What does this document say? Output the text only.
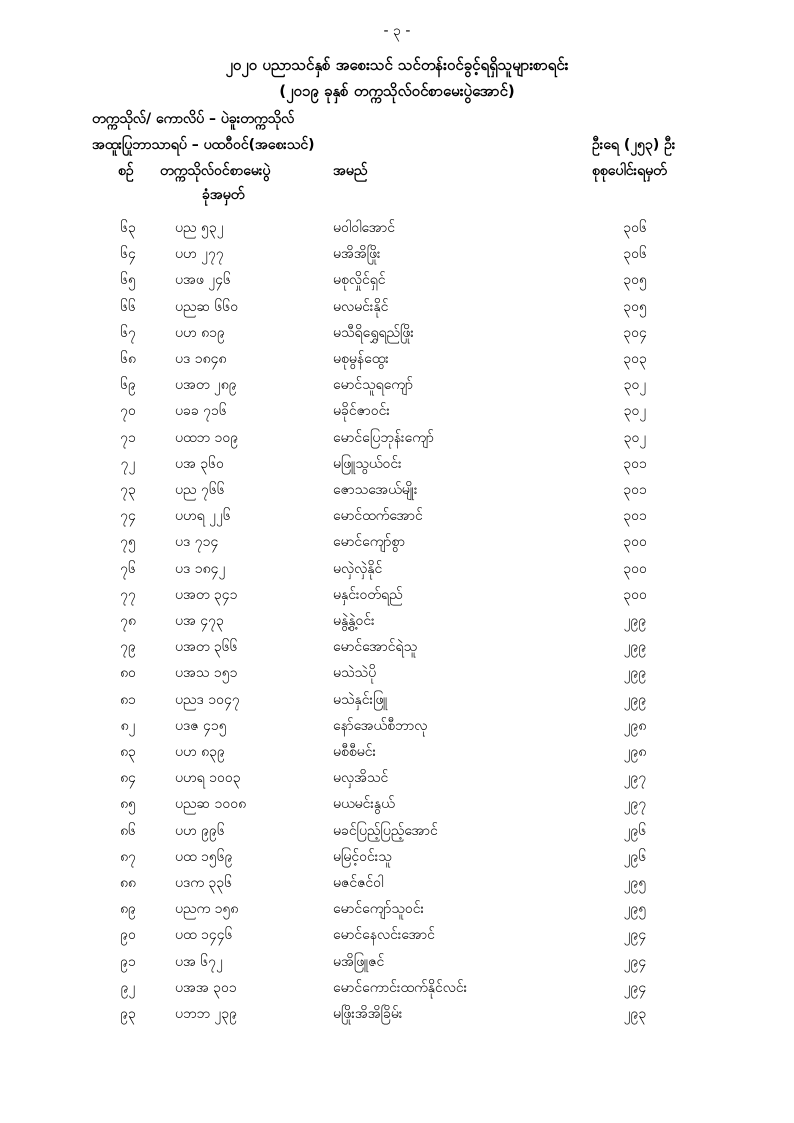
- ၃ -
၂၀၂၀ ပညာသင်နှစ် အစေးသင် သင်တန်းဝင်ခွင့်ရရှိသူများစာရင်း
(၂၀၁၉ ခုနှစ် တက္ကသိုလ်ဝင်စာမေးပွဲအောင်)
တက္ကသိုလ်/ ကောလိပ် – ပဲခူးတက္ကသိုလ်
အထူးပြုဘာသာရပ် – ပထဝီဝင်(အစေးသင်)	ဦးရေ (၂၅၃) ဦး
စဉ် တက္ကသိုလ်ဝင်စာမေးပွဲ
ခုံအမှတ်
အမည်	စုစုပေါင်းရမှတ်
၆၃	ပည ၅၃၂	မဝါဝါအောင်	၃၀၆
၆၄	ပဟ ၂၇၇	မအိအိဖြိုး	၃၀၆
၆၅	ပအဖ ၂၄၆	မစုလှိုင်ရှင်	၃၀၅
၆၆	ပညဆ ၆၆၀	မလမင်းနိုင်	၃၀၅
၆၇	ပဟ ၈၁၉	မသီရိရွှေရည်ဖြိုး	၃၀၄
၆၈	ပဒ ၁၈၄၈	မစုမွန်ထွေး	၃၀၃
၆၉	ပအတ ၂၈၉	မောင်သူရကျော်	၃၀၂
၇၀	ပခခ ၇၁၆	မခိုင်ဇာဝင်း	၃၀၂
၇၁	ပထဘ ၁၀၉	မောင်ပြေဘုန်းကျော်	၃၀၂
၇၂	ပအ ၃၆၀	မဖြူသွယ်ဝင်း	၃၀၁
၇၃	ပည ၇၆၆	ဇောသအေယ်မျိုး	၃၀၁
၇၄	ပဟရ ၂၂၆	မောင်ထက်အောင်	၃၀၁
၇၅	ပဒ ၇၁၄	မောင်ကျော်စွာ	၃၀၀
၇၆	ပဒ ၁၈၄၂	မလှဲလှဲနိုင်	၃၀၀
၇၇	ပအတ ၃၄၁	မနှင်းဝတ်ရည်	၃၀၀
၇၈	ပအ ၄၇၃	မနွဲ့နွဲ့ဝင်း	၂၉၉
၇၉	ပအတ ၃၆၆	မောင်အောင်ရဲသူ	၂၉၉
၈၀	ပအသ ၁၅၁	မသဲသဲပို	၂၉၉
၈၁	ပညဒ ၁၀၄၇	မသဲနှင်းဖြူ	၂၉၉
၈၂	ပဒဇ ၄၁၅	နော်အေယ်စီဘာလု	၂၉၈
၈၃	ပဟ ၈၃၉	မစီစီမင်း	၂၉၈
၈၄	ပဟရ ၁၀၀၃	မလှအိသင်	၂၉၇
၈၅	ပညဆ ၁၀၀၈	မယမင်းနွယ်	၂၉၇
၈၆	ပဟ ၉၉၆	မခင်ပြည့်ပြည့်အောင်	၂၉၆
၈၇	ပထ ၁၅၆၉	မမြင့်ဝင်းသူ	၂၉၆
၈၈	ပဒက ၃၃၆	မဇင်ဇင်ဝါ	၂၉၅
၈၉	ပညက ၁၅၈	မောင်ကျော်သူဝင်း	၂၉၅
၉၀	ပထ ၁၄၄၆	မောင်နေလင်းအောင်	၂၉၄
၉၁	ပအ ၆၇၂	မအိဖြူဇင်	၂၉၄
၉၂	ပအအ ၃၀၁	မောင်ကောင်းထက်နိုင်လင်း	၂၉၄
၉၃	ပဘဘ ၂၃၉	မဖြိုးအိအိခြိမ်း	၂၉၃
